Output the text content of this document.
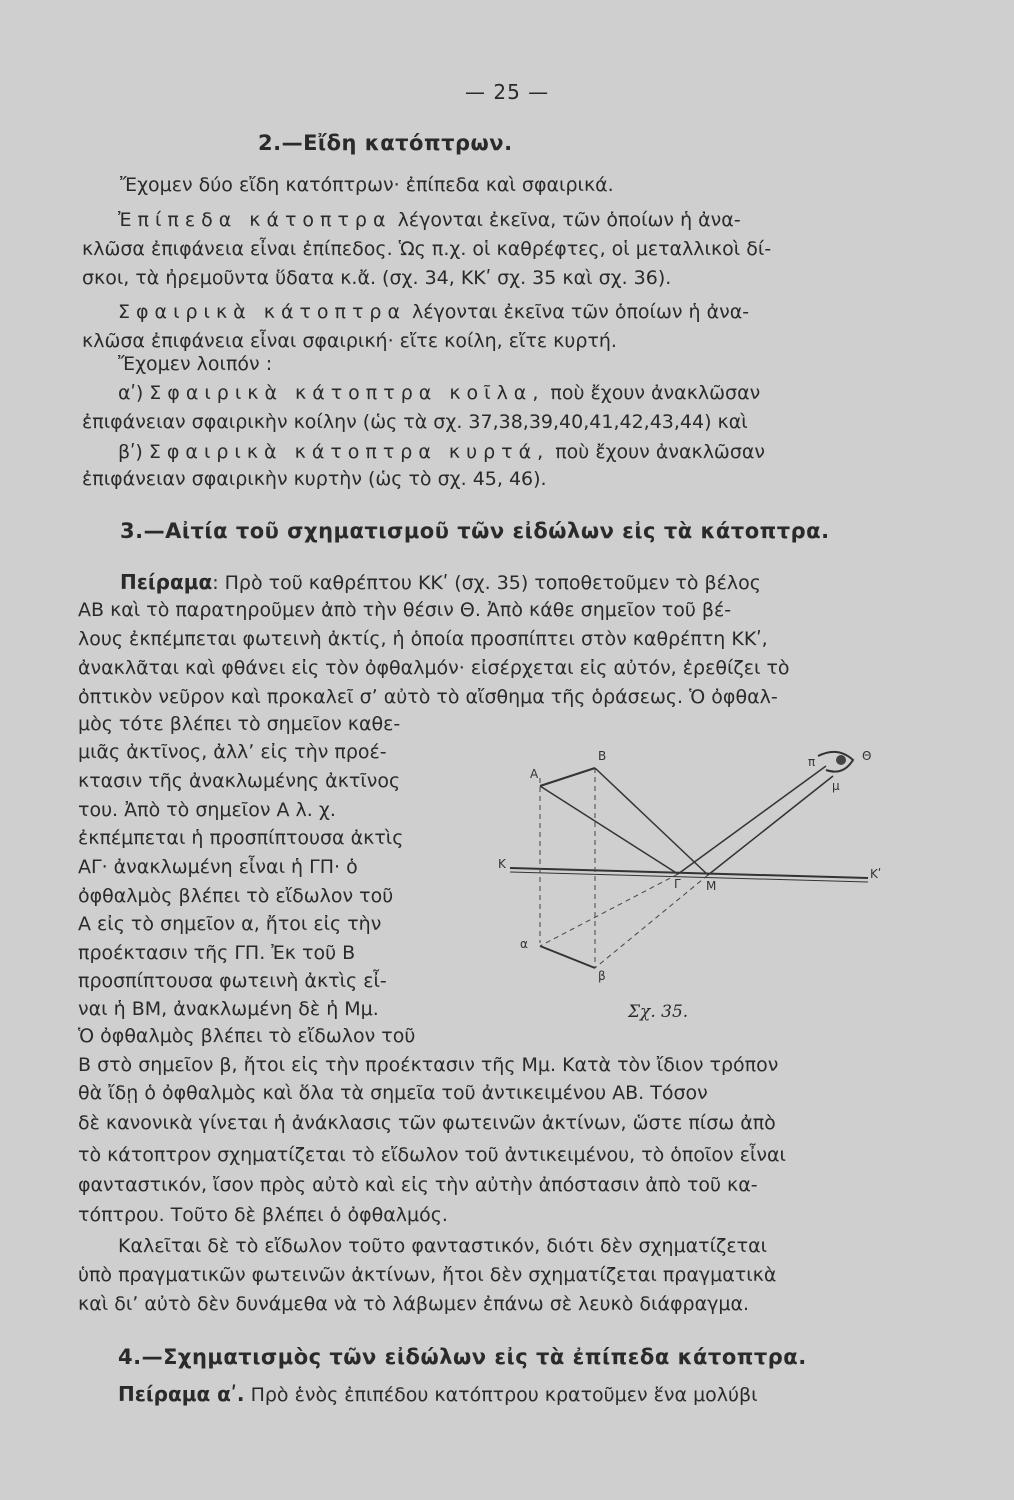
— 25 —
2.—Εἴδη κατόπτρων.
Ἔχομεν δύο εἴδη κατόπτρων· ἐπίπεδα καὶ σφαιρικά.
Ἐπίπεδα κάτοπτρα λέγονται ἐκεῖνα, τῶν ὁποίων ἡ ἀνα-
κλῶσα ἐπιφάνεια εἶναι ἐπίπεδος. Ὡς π.χ. οἱ καθρέφτες, οἱ μεταλλικοὶ δί-
σκοι, τὰ ἠρεμοῦντα ὕδατα κ.ἄ. (σχ. 34, ΚΚʹ σχ. 35 καὶ σχ. 36).
Σφαιρικὰ κάτοπτρα λέγονται ἐκεῖνα τῶν ὁποίων ἡ ἀνα-
κλῶσα ἐπιφάνεια εἶναι σφαιρική· εἴτε κοίλη, εἴτε κυρτή.
Ἔχομεν λοιπόν :
αʹ) Σφαιρικὰ κάτοπτρα κοῖλα, ποὺ ἔχουν ἀνακλῶσαν
ἐπιφάνειαν σφαιρικὴν κοίλην (ὡς τὰ σχ. 37,38,39,40,41,42,43,44) καὶ
βʹ) Σφαιρικὰ κάτοπτρα κυρτά, ποὺ ἔχουν ἀνακλῶσαν
ἐπιφάνειαν σφαιρικὴν κυρτὴν (ὡς τὸ σχ. 45, 46).
3.—Αἰτία τοῦ σχηματισμοῦ τῶν εἰδώλων εἰς τὰ κάτοπτρα.
Πείραμα: Πρὸ τοῦ καθρέπτου ΚΚʹ (σχ. 35) τοποθετοῦμεν τὸ βέλος
ΑΒ καὶ τὸ παρατηροῦμεν ἀπὸ τὴν θέσιν Θ. Ἀπὸ κάθε σημεῖον τοῦ βέ-
λους ἐκπέμπεται φωτεινὴ ἀκτίς, ἡ ὁποία προσπίπτει στὸν καθρέπτη ΚΚʹ,
ἀνακλᾶται καὶ φθάνει εἰς τὸν ὀφθαλμόν· εἰσέρχεται εἰς αὐτόν, ἐρεθίζει τὸ
ὀπτικὸν νεῦρον καὶ προκαλεῖ σʼ αὐτὸ τὸ αἴσθημα τῆς ὁράσεως. Ὁ ὀφθαλ-
μὸς τότε βλέπει τὸ σημεῖον καθε-
μιᾶς ἀκτῖνος, ἀλλʼ εἰς τὴν προέ-
κτασιν τῆς ἀνακλωμένης ἀκτῖνος
του. Ἀπὸ τὸ σημεῖον Α λ. χ.
ἐκπέμπεται ἡ προσπίπτουσα ἀκτὶς
ΑΓ· ἀνακλωμένη εἶναι ἡ ΓΠ· ὁ
ὀφθαλμὸς βλέπει τὸ εἴδωλον τοῦ
Α εἰς τὸ σημεῖον α, ἤτοι εἰς τὴν
προέκτασιν τῆς ΓΠ. Ἐκ τοῦ Β
προσπίπτουσα φωτεινὴ ἀκτὶς εἶ-
ναι ἡ ΒΜ, ἀνακλωμένη δὲ ἡ Μμ.
Ὁ ὀφθαλμὸς βλέπει τὸ εἴδωλον τοῦ
Β στὸ σημεῖον β, ἤτοι εἰς τὴν προέκτασιν τῆς Μμ. Κατὰ τὸν ἴδιον τρόπον
θὰ ἴδῃ ὁ ὀφθαλμὸς καὶ ὅλα τὰ σημεῖα τοῦ ἀντικειμένου ΑΒ. Τόσον
δὲ κανονικὰ γίνεται ἡ ἀνάκλασις τῶν φωτεινῶν ἀκτίνων, ὥστε πίσω ἀπὸ
τὸ κάτοπτρον σχηματίζεται τὸ εἴδωλον τοῦ ἀντικειμένου, τὸ ὁποῖον εἶναι
φανταστικόν, ἴσον πρὸς αὐτὸ καὶ εἰς τὴν αὐτὴν ἀπόστασιν ἀπὸ τοῦ κα-
τόπτρου. Τοῦτο δὲ βλέπει ὁ ὀφθαλμός.
Καλεῖται δὲ τὸ εἴδωλον τοῦτο φανταστικόν, διότι δὲν σχηματίζεται
ὑπὸ πραγματικῶν φωτεινῶν ἀκτίνων, ἤτοι δὲν σχηματίζεται πραγματικὰ
καὶ διʼ αὐτὸ δὲν δυνάμεθα νὰ τὸ λάβωμεν ἐπάνω σὲ λευκὸ διάφραγμα.
4.—Σχηματισμὸς τῶν εἰδώλων εἰς τὰ ἐπίπεδα κάτοπτρα.
Πείραμα αʹ. Πρὸ ἑνὸς ἐπιπέδου κατόπτρου κρατοῦμεν ἕνα μολύβι
Α
Β
α
β
Κ
Κʹ
Γ Μ
π
μ
Θ
Σχ. 35.
